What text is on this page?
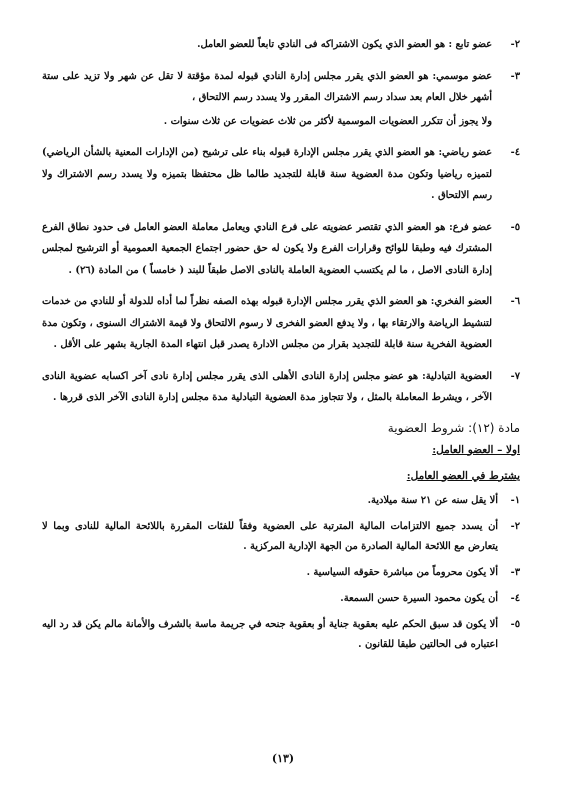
٢-
عضو تابع : هو العضو الذي يكون الاشتراكه فى النادي تابعاً للعضو العامل.
٣-
عضو موسمي: هو العضو الذي يقرر مجلس إدارة النادي قبوله لمدة مؤقتة لا تقل عن شهر ولا تزيد على ستة أشهر خلال العام بعد سداد رسم الاشتراك المقرر ولا يسدد رسم الالتحاق ،
ولا يجوز أن تتكرر العضويات الموسمية لأكثر من ثلاث عضويات عن ثلاث سنوات .
٤-
عضو رياضي: هو العضو الذي يقرر مجلس الإدارة قبوله بناء على ترشيح (من الإدارات المعنية بالشأن الرياضي) لتميزه رياضيا وتكون مدة العضوية سنة قابلة للتجديد طالما ظل محتفظا بتميزه ولا يسدد رسم الاشتراك ولا رسم الالتحاق .
٥-
عضو فرع: هو العضو الذي تقتصر عضويته على فرع النادي ويعامل معاملة العضو العامل فى حدود نطاق الفرع المشترك فيه وطبقا للوائح وقرارات الفرع ولا يكون له حق حضور اجتماع الجمعية العمومية أو الترشيح لمجلس إدارة النادى الاصل ، ما لم يكتسب العضوية العاملة بالنادى الاصل طبقاً للبند ( خامساً ) من المادة (٢٦) .
٦-
العضو الفخري: هو العضو الذي يقرر مجلس الإدارة قبوله بهذه الصفه نظراً لما أداه للدولة أو للنادي من خدمات لتنشيط الرياضة والارتقاء بها ، ولا يدفع العضو الفخرى لا رسوم الالتحاق ولا قيمة الاشتراك السنوى ، وتكون مدة العضوية الفخرية سنة قابلة للتجديد بقرار من مجلس الادارة يصدر قبل انتهاء المدة الجارية بشهر على الأقل .
٧-
العضوية التبادلية: هو عضو مجلس إدارة النادى الأهلى الذى يقرر مجلس إدارة نادى آخر اكسابه عضوية النادى الآخر ، ويشرط المعاملة بالمثل ، ولا تتجاوز مدة العضوية التبادلية مدة مجلس إدارة النادى الآخر الذى قررها .
مادة (١٢): شروط العضوية
اولا – العضو العامل:
يشترط في العضو العامل:
١-
ألا يقل سنه عن ٢١ سنة ميلادية.
٢-
أن يسدد جميع الالتزامات المالية المترتبة على العضوية وفقاً للفئات المقررة باللائحة المالية للنادى وبما لا يتعارض مع اللائحة المالية الصادرة من الجهة الإدارية المركزية .
٣-
ألا يكون محروماً من مباشرة حقوقه السياسية .
٤-
أن يكون محمود السيرة حسن السمعة.
٥-
ألا يكون قد سبق الحكم عليه بعقوبة جناية أو بعقوبة جنحه في جريمة ماسة بالشرف والأمانة مالم يكن قد رد اليه اعتباره فى الحالتين طبقا للقانون .
(١٣)
